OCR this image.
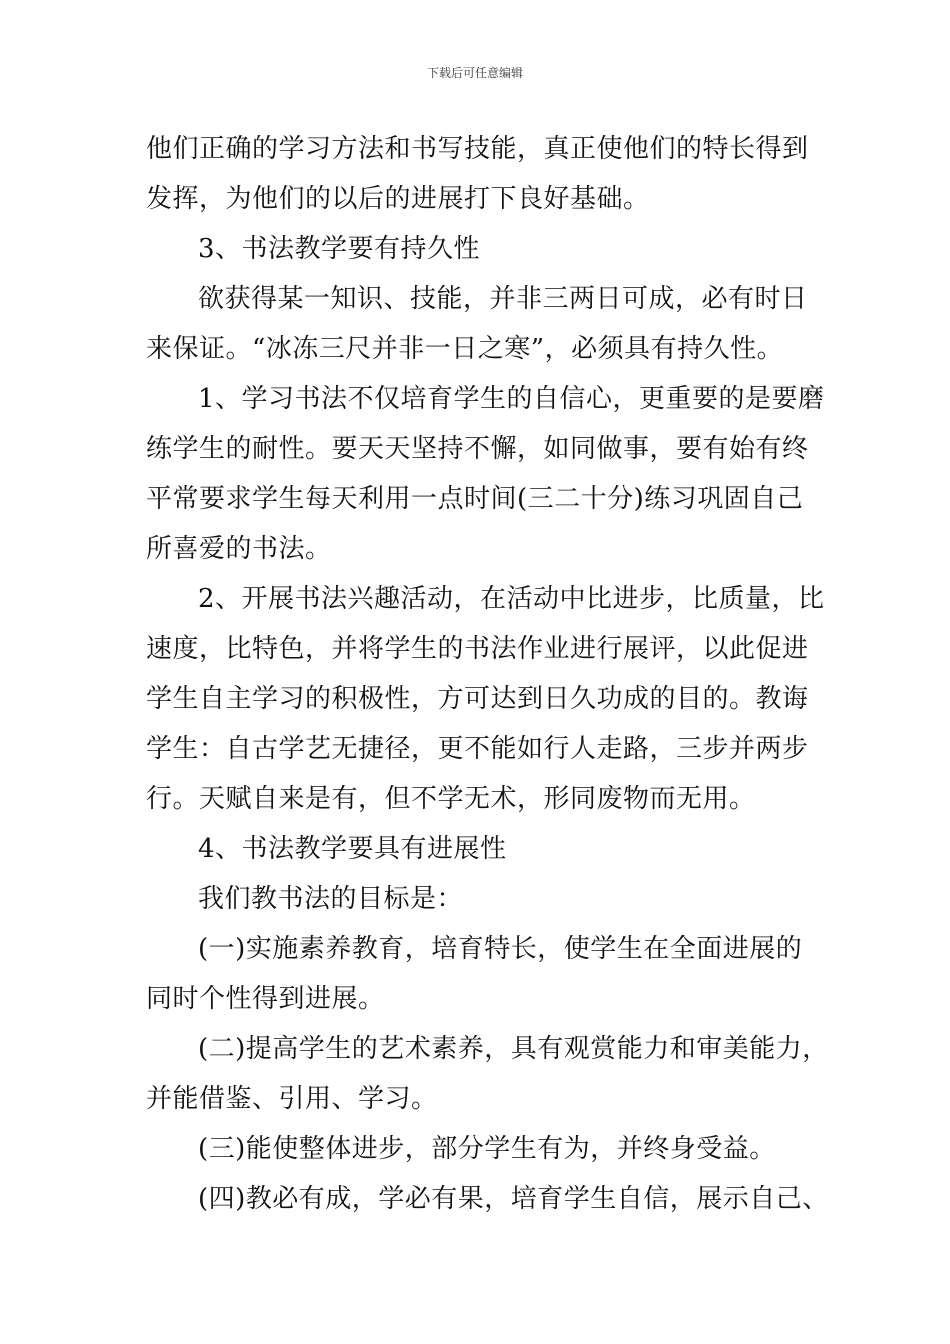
下载后可任意编辑
他们正确的学习方法和书写技能，真正使他们的特长得到
发挥，为他们的以后的进展打下良好基础。
3、书法教学要有持久性
欲获得某一知识、技能，并非三两日可成，必有时日
来保证。“冰冻三尺并非一日之寒”，必须具有持久性。
1、学习书法不仅培育学生的自信心，更重要的是要磨
练学生的耐性。要天天坚持不懈，如同做事，要有始有终
平常要求学生每天利用一点时间(三二十分)练习巩固自己
所喜爱的书法。
2、开展书法兴趣活动，在活动中比进步，比质量，比
速度，比特色，并将学生的书法作业进行展评，以此促进
学生自主学习的积极性，方可达到日久功成的目的。教诲
学生：自古学艺无捷径，更不能如行人走路，三步并两步
行。天赋自来是有，但不学无术，形同废物而无用。
4、书法教学要具有进展性
我们教书法的目标是：
(一)实施素养教育，培育特长，使学生在全面进展的
同时个性得到进展。
(二)提高学生的艺术素养，具有观赏能力和审美能力，
并能借鉴、引用、学习。
(三)能使整体进步，部分学生有为，并终身受益。
(四)教必有成，学必有果，培育学生自信，展示自己、
